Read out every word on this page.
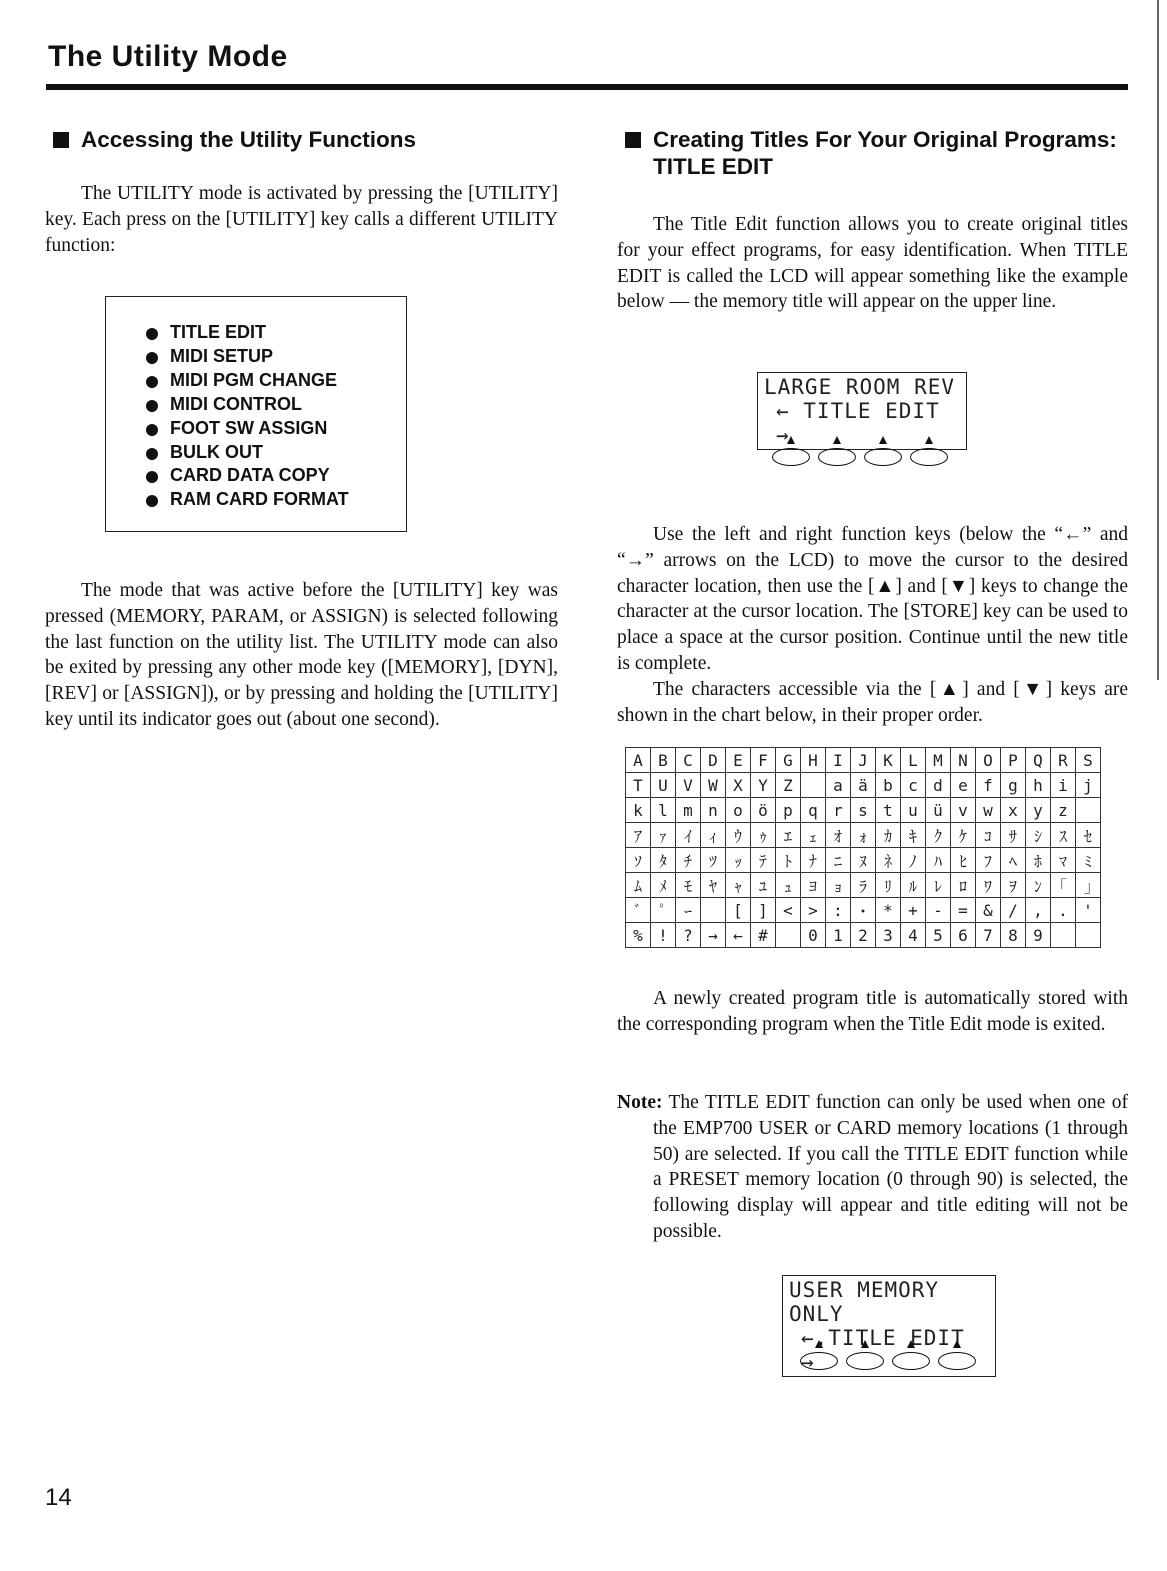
The Utility Mode
Accessing the Utility Functions

The UTILITY mode is activated by pressing the [UTILITY] key. Each press on the [UTILITY] key calls a different UTILITY function:

TITLE EDIT
MIDI SETUP
MIDI PGM CHANGE
MIDI CONTROL
FOOT SW ASSIGN
BULK OUT
CARD DATA COPY
RAM CARD FORMAT

The mode that was active before the [UTILITY] key was pressed (MEMORY, PARAM, or ASSIGN) is selected following the last function on the utility list. The UTILITY mode can also be exited by pressing any other mode key ([MEMORY], [DYN], [REV] or [ASSIGN]), or by pressing and holding the [UTILITY] key until its indicator goes out (about one second).

Creating Titles For Your Original Programs: TITLE EDIT

The Title Edit function allows you to create original titles for your effect programs, for easy identification. When TITLE EDIT is called the LCD will appear something like the example below — the memory title will appear on the upper line.

LARGE ROOM REV
← TITLE EDIT →

Use the left and right function keys (below the “←” and “→” arrows on the LCD) to move the cursor to the desired character location, then use the [▲] and [▼] keys to change the character at the cursor location. The [STORE] key can be used to place a space at the cursor position. Continue until the new title is complete.

The characters accessible via the [▲] and [▼] keys are shown in the chart below, in their proper order.

A	B	C	D	E	F	G	H	I	J	K	L	M	N	O	P	Q	R	S
T	U	V	W	X	Y	Z		a	ä	b	c	d	e	f	g	h	i	j
k	l	m	n	o	ö	p	q	r	s	t	u	ü	v	w	x	y	z	
ｱ	ｧ	ｲ	ｨ	ｳ	ｩ	ｴ	ｪ	ｵ	ｫ	ｶ	ｷ	ｸ	ｹ	ｺ	ｻ	ｼ	ｽ	ｾ
ｿ	ﾀ	ﾁ	ﾂ	ｯ	ﾃ	ﾄ	ﾅ	ﾆ	ﾇ	ﾈ	ﾉ	ﾊ	ﾋ	ﾌ	ﾍ	ﾎ	ﾏ	ﾐ
ﾑ	ﾒ	ﾓ	ﾔ	ｬ	ﾕ	ｭ	ﾖ	ｮ	ﾗ	ﾘ	ﾙ	ﾚ	ﾛ	ﾜ	ｦ	ﾝ	｢	｣
ﾞ	ﾟ	ｰ		[	]	<	>	:	･	*	+	-	=	&	/	,	.	'
%	!	?	→	←	#		0	1	2	3	4	5	6	7	8	9		

A newly created program title is automatically stored with the corresponding program when the Title Edit mode is exited.

Note: The TITLE EDIT function can only be used when one of the EMP700 USER or CARD memory locations (1 through 50) are selected. If you call the TITLE EDIT function while a PRESET memory location (0 through 90) is selected, the following display will appear and title editing will not be possible.
USER MEMORY ONLY
←.TITLE EDIT →
14
